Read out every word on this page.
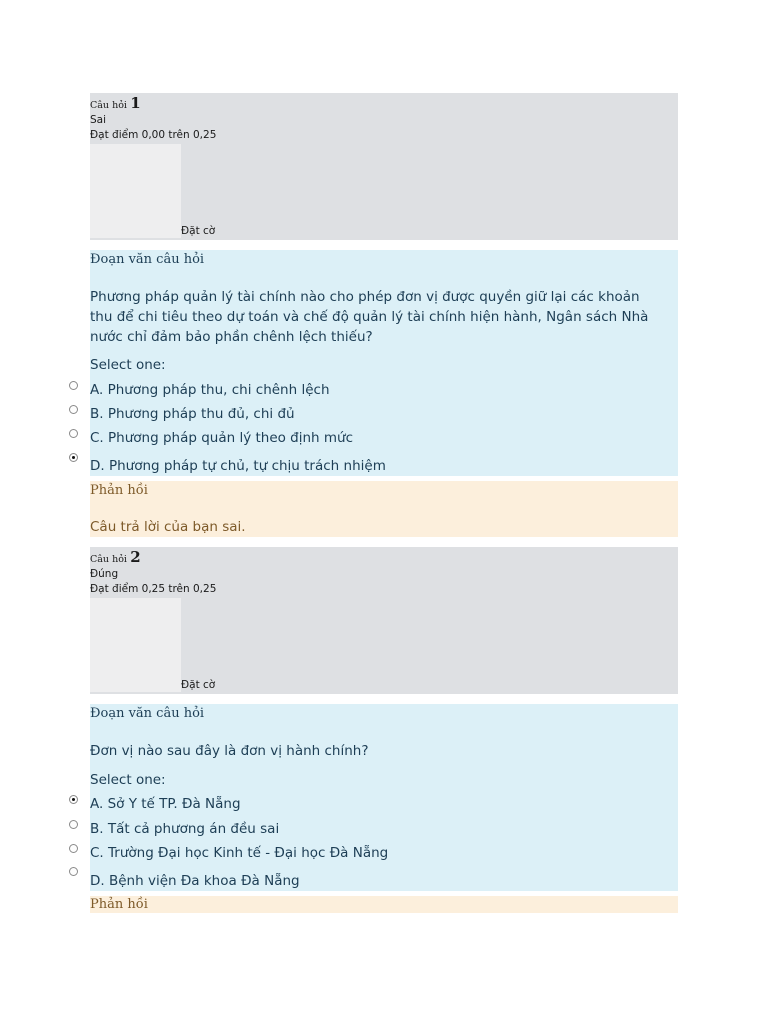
Câu hỏi 1
Sai
Đạt điểm 0,00 trên 0,25
Đặt cờ
Đoạn văn câu hỏi
Phương pháp quản lý tài chính nào cho phép đơn vị được quyền giữ lại các khoản thu để chi tiêu theo dự toán và chế độ quản lý tài chính hiện hành, Ngân sách Nhà nước chỉ đảm bảo phần chênh lệch thiếu?
Select one:
A. Phương pháp thu, chi chênh lệch
B. Phương pháp thu đủ, chi đủ
C. Phương pháp quản lý theo định mức
D. Phương pháp tự chủ, tự chịu trách nhiệm
Phản hồi
Câu trả lời của bạn sai.
Câu hỏi 2
Đúng
Đạt điểm 0,25 trên 0,25
Đặt cờ
Đoạn văn câu hỏi
Đơn vị nào sau đây là đơn vị hành chính?
Select one:
A. Sở Y tế TP. Đà Nẵng
B. Tất cả phương án đều sai
C. Trường Đại học Kinh tế - Đại học Đà Nẵng
D. Bệnh viện Đa khoa Đà Nẵng
Phản hồi
